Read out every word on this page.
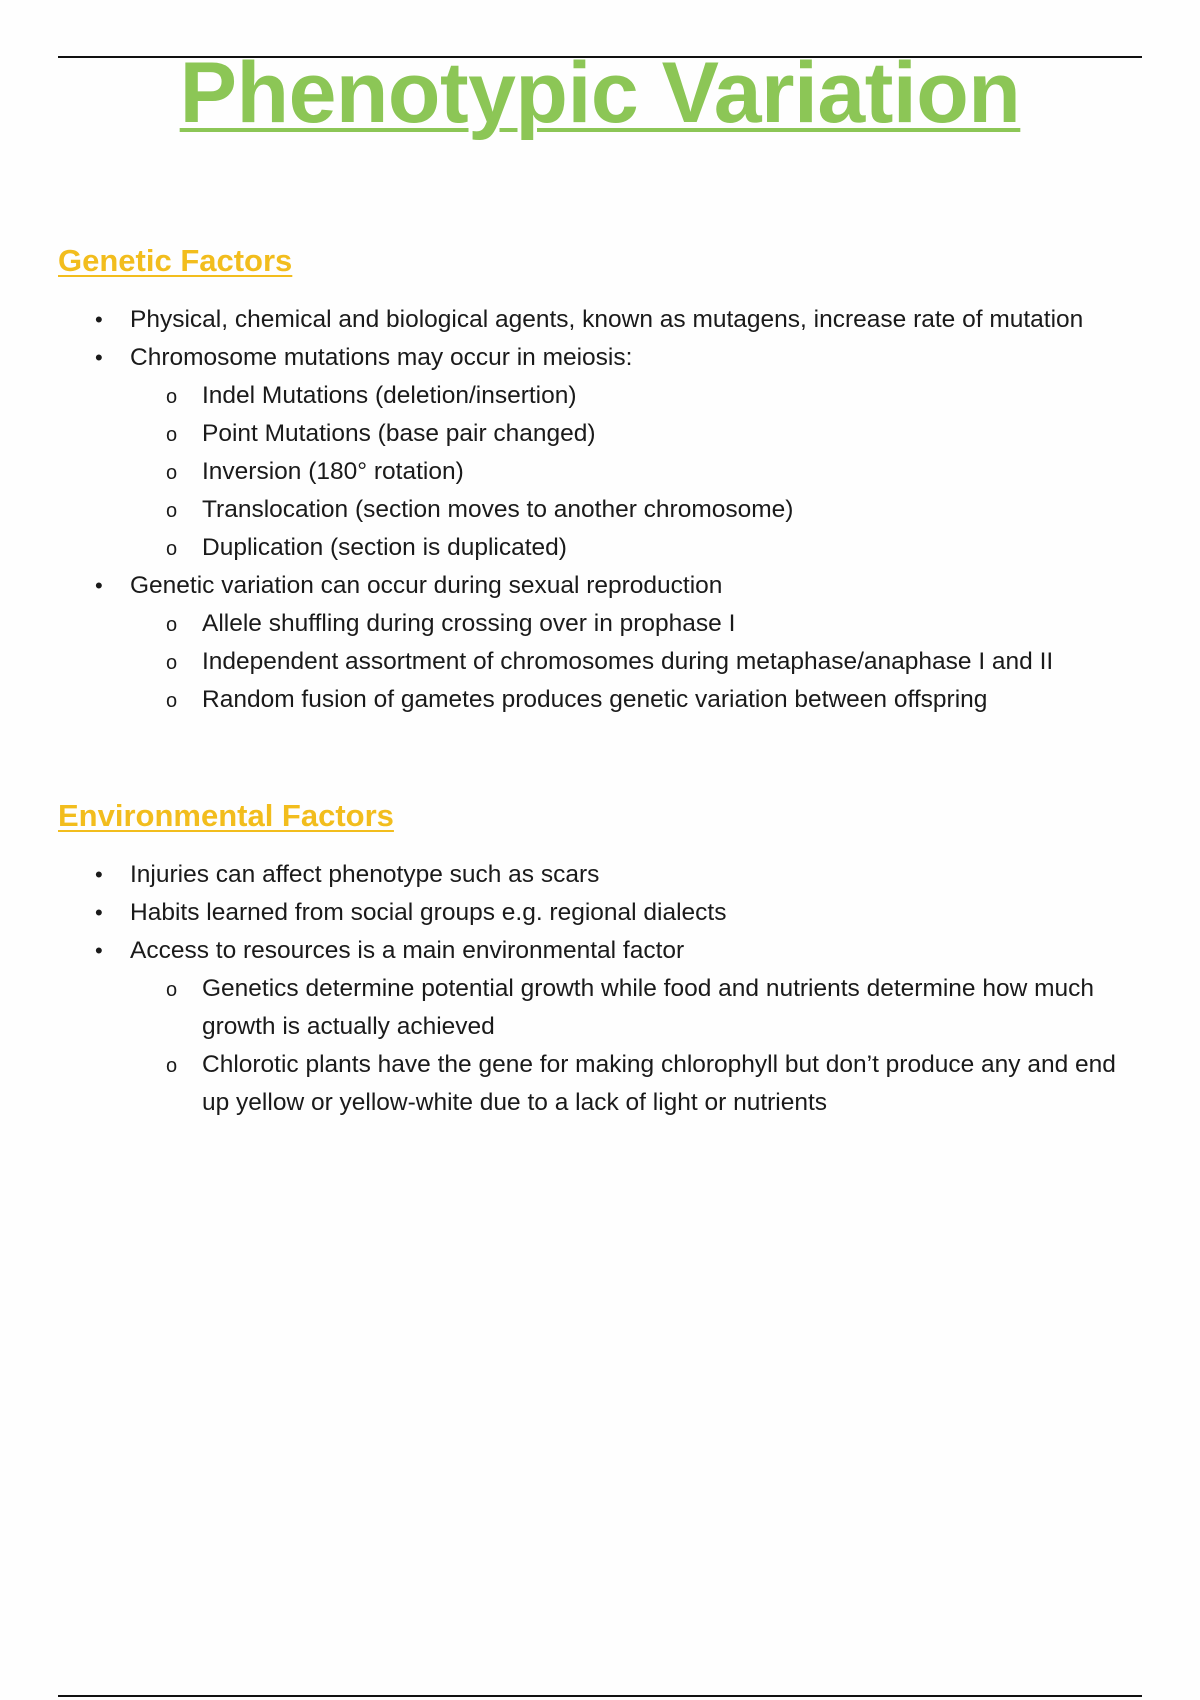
Phenotypic Variation
Genetic Factors
•	Physical, chemical and biological agents, known as mutagens, increase rate of mutation
•	Chromosome mutations may occur in meiosis:
o Indel Mutations (deletion/insertion)
o Point Mutations (base pair changed)
o Inversion (180° rotation)
o Translocation (section moves to another chromosome)
o Duplication (section is duplicated)
•	Genetic variation can occur during sexual reproduction
o Allele shuffling during crossing over in prophase I
o Independent assortment of chromosomes during metaphase/anaphase I and II
o Random fusion of gametes produces genetic variation between offspring
Environmental Factors
•	Injuries can affect phenotype such as scars
•	Habits learned from social groups e.g. regional dialects
•	Access to resources is a main environmental factor
o Genetics determine potential growth while food and nutrients determine how much growth is actually achieved
o Chlorotic plants have the gene for making chlorophyll but don’t produce any and end up yellow or yellow-white due to a lack of light or nutrients
